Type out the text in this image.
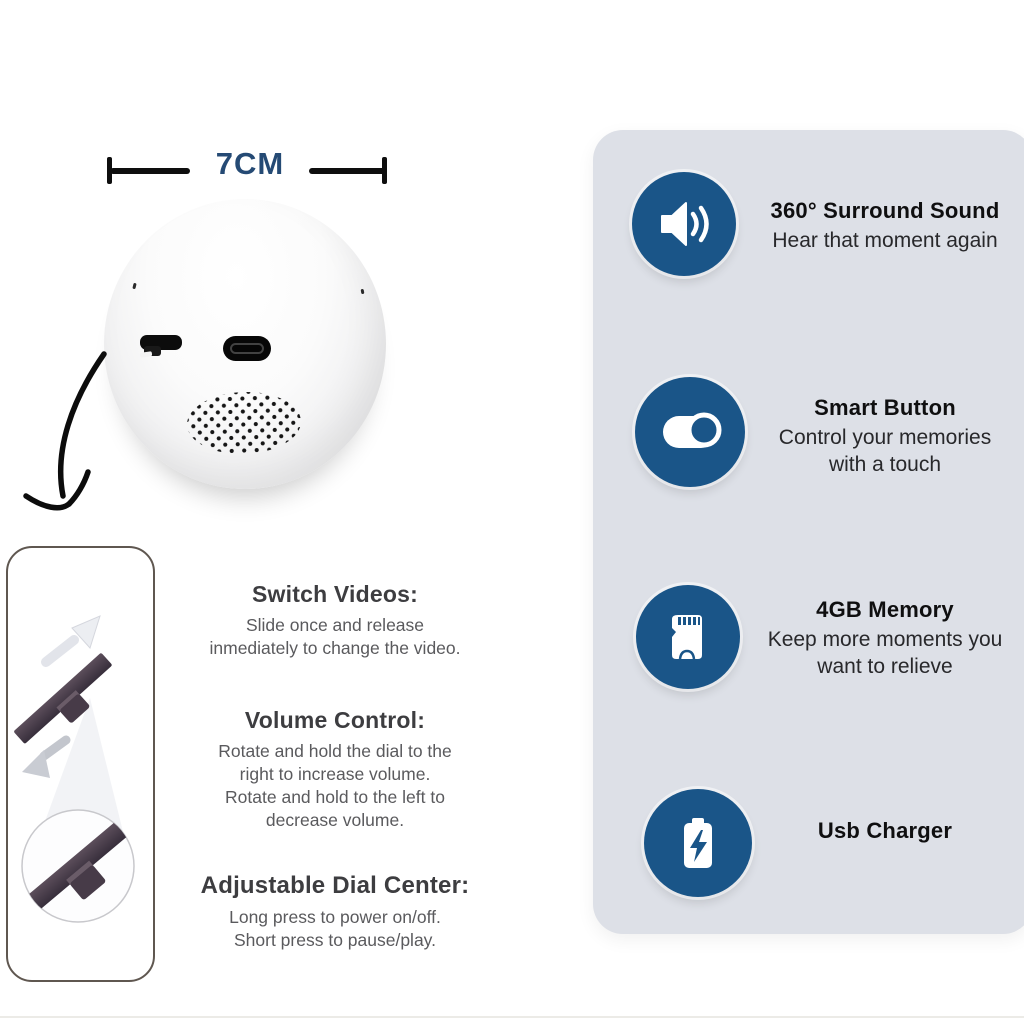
7CM
Switch Videos:
Slide once and release
inmediately to change the video.
Volume Control:
Rotate and hold the dial to the
right to increase volume.
Rotate and hold to the left to
decrease volume.
Adjustable Dial Center:
Long press to power on/off.
Short press to pause/play.
360° Surround Sound
Hear that moment again
Smart Button
Control your memories
with a touch
4GB Memory
Keep more moments you
want to relieve
Usb Charger
